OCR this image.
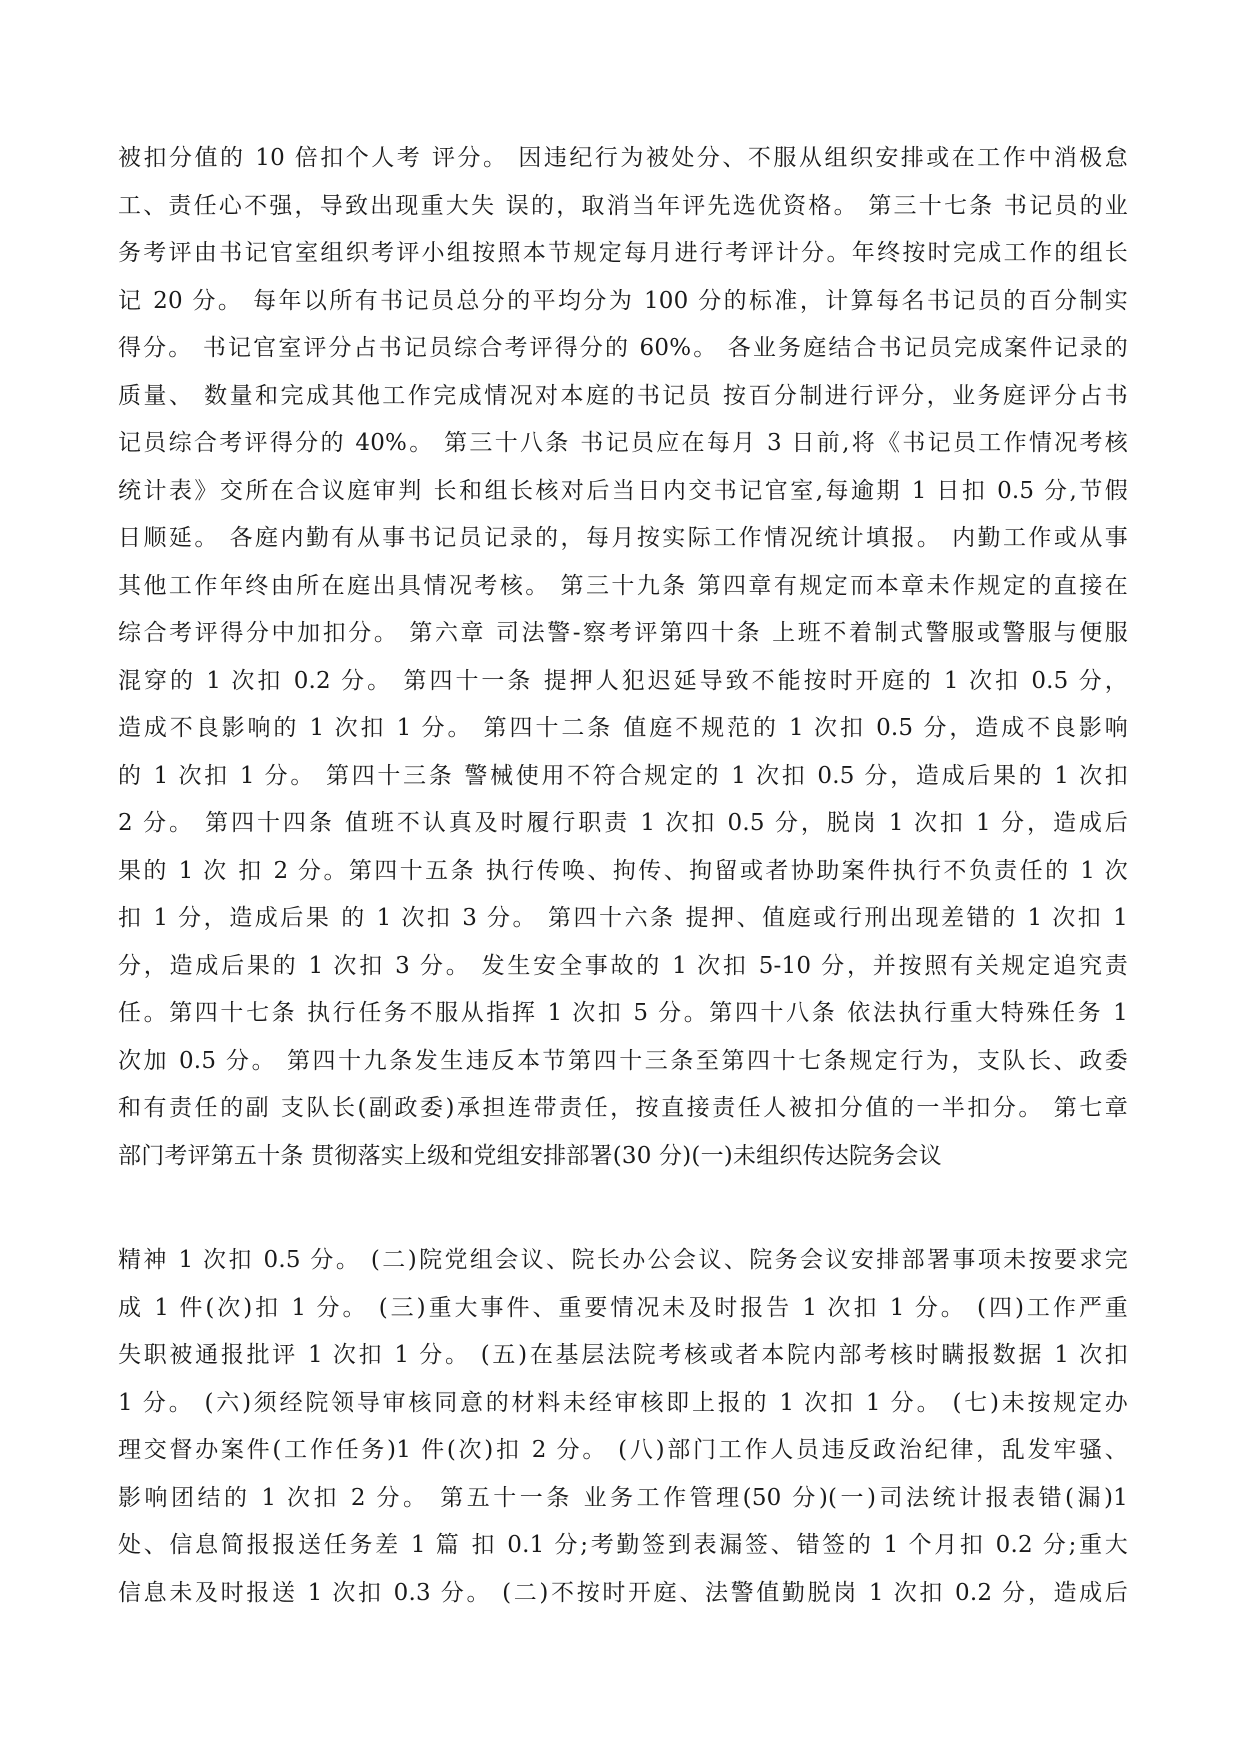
被扣分值的 10 倍扣个人考 评分。 因违纪行为被处分、不服从组织安排或在工作中消极怠
工、责任心不强，导致出现重大失 误的，取消当年评先选优资格。 第三十七条 书记员的业
务考评由书记官室组织考评小组按照本节规定每月进行考评计分。年终按时完成工作的组长
记 20 分。 每年以所有书记员总分的平均分为 100 分的标准，计算每名书记员的百分制实
得分。 书记官室评分占书记员综合考评得分的 60%。 各业务庭结合书记员完成案件记录的
质量、 数量和完成其他工作完成情况对本庭的书记员 按百分制进行评分，业务庭评分占书
记员综合考评得分的 40%。 第三十八条 书记员应在每月 3 日前,将《书记员工作情况考核
统计表》交所在合议庭审判 长和组长核对后当日内交书记官室,每逾期 1 日扣 0.5 分,节假
日顺延。 各庭内勤有从事书记员记录的，每月按实际工作情况统计填报。 内勤工作或从事
其他工作年终由所在庭出具情况考核。 第三十九条 第四章有规定而本章未作规定的直接在
综合考评得分中加扣分。 第六章 司法警-察考评第四十条 上班不着制式警服或警服与便服
混穿的 1 次扣 0.2 分。 第四十一条 提押人犯迟延导致不能按时开庭的 1 次扣 0.5 分，
造成不良影响的 1 次扣 1 分。 第四十二条 值庭不规范的 1 次扣 0.5 分，造成不良影响
的 1 次扣 1 分。 第四十三条 警械使用不符合规定的 1 次扣 0.5 分，造成后果的 1 次扣
2 分。 第四十四条 值班不认真及时履行职责 1 次扣 0.5 分，脱岗 1 次扣 1 分，造成后
果的 1 次 扣 2 分。第四十五条 执行传唤、拘传、拘留或者协助案件执行不负责任的 1 次
扣 1 分，造成后果 的 1 次扣 3 分。 第四十六条 提押、值庭或行刑出现差错的 1 次扣 1
分，造成后果的 1 次扣 3 分。 发生安全事故的 1 次扣 5-10 分，并按照有关规定追究责
任。第四十七条 执行任务不服从指挥 1 次扣 5 分。第四十八条 依法执行重大特殊任务 1
次加 0.5 分。 第四十九条发生违反本节第四十三条至第四十七条规定行为，支队长、政委
和有责任的副 支队长(副政委)承担连带责任，按直接责任人被扣分值的一半扣分。 第七章
部门考评第五十条 贯彻落实上级和党组安排部署(30 分)(一)未组织传达院务会议
精神 1 次扣 0.5 分。 (二)院党组会议、院长办公会议、院务会议安排部署事项未按要求完
成 1 件(次)扣 1 分。 (三)重大事件、重要情况未及时报告 1 次扣 1 分。 (四)工作严重
失职被通报批评 1 次扣 1 分。 (五)在基层法院考核或者本院内部考核时瞒报数据 1 次扣
1 分。 (六)须经院领导审核同意的材料未经审核即上报的 1 次扣 1 分。 (七)未按规定办
理交督办案件(工作任务)1 件(次)扣 2 分。 (八)部门工作人员违反政治纪律，乱发牢骚、
影响团结的 1 次扣 2 分。 第五十一条 业务工作管理(50 分)(一)司法统计报表错(漏)1
处、信息简报报送任务差 1 篇 扣 0.1 分;考勤签到表漏签、错签的 1 个月扣 0.2 分;重大
信息未及时报送 1 次扣 0.3 分。 (二)不按时开庭、法警值勤脱岗 1 次扣 0.2 分，造成后
